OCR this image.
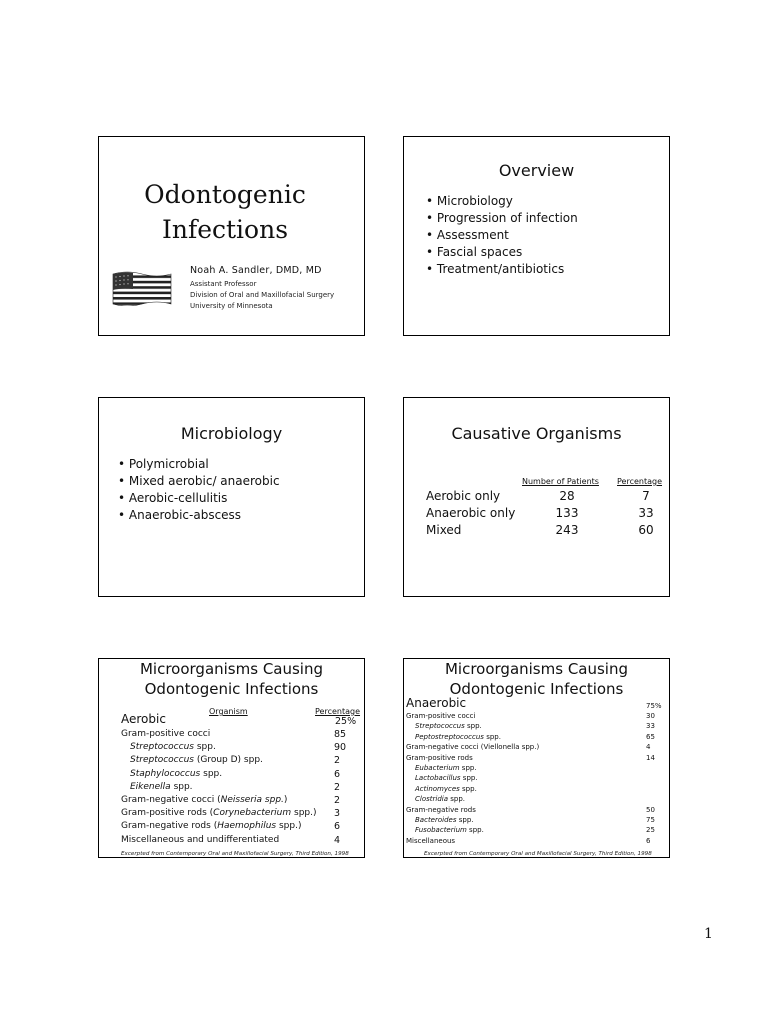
Odontogenic
Infections
Noah A. Sandler, DMD, MD
Assistant Professor
Division of Oral and Maxillofacial Surgery
University of Minnesota
Overview
• Microbiology
• Progression of infection
• Assessment
• Fascial spaces
• Treatment/antibiotics
Microbiology
• Polymicrobial
• Mixed aerobic/ anaerobic
• Aerobic-cellulitis
• Anaerobic-abscess
Causative Organisms
Number of Patients Percentage
Aerobic only	28	7
Anaerobic only	133	33
Mixed	243	60
Microorganisms Causing
Odontogenic Infections
Organism	Percentage
Aerobic	25%
Gram-positive cocci	85
Streptococcus spp.	90
Streptococcus (Group D) spp.	2
Staphylococcus spp.	6
Eikenella spp.	2
Gram-negative cocci (Neisseria spp.)	2
Gram-positive rods (Corynebacterium spp.) 3
Gram-negative rods (Haemophilus spp.)	6
Miscellaneous and undifferentiated	4
Excerpted from Contemporary Oral and Maxillofacial Surgery, Third Edition, 1998
Microorganisms Causing
Odontogenic Infections
Anaerobic	75%
Gram-positive cocci	30
Streptococcus spp.	33
Peptostreptococcus spp.	65
Gram-negative cocci (Viellonella spp.)	4
Gram-positive rods	14
Eubacterium spp.
Lactobacillus spp.
Actinomyces spp.
Clostridia spp.
Gram-negative rods	50
Bacteroides spp.	75
Fusobacterium spp.	25
Miscellaneous	6
Excerpted from Contemporary Oral and Maxillofacial Surgery, Third Edition, 1998
1
